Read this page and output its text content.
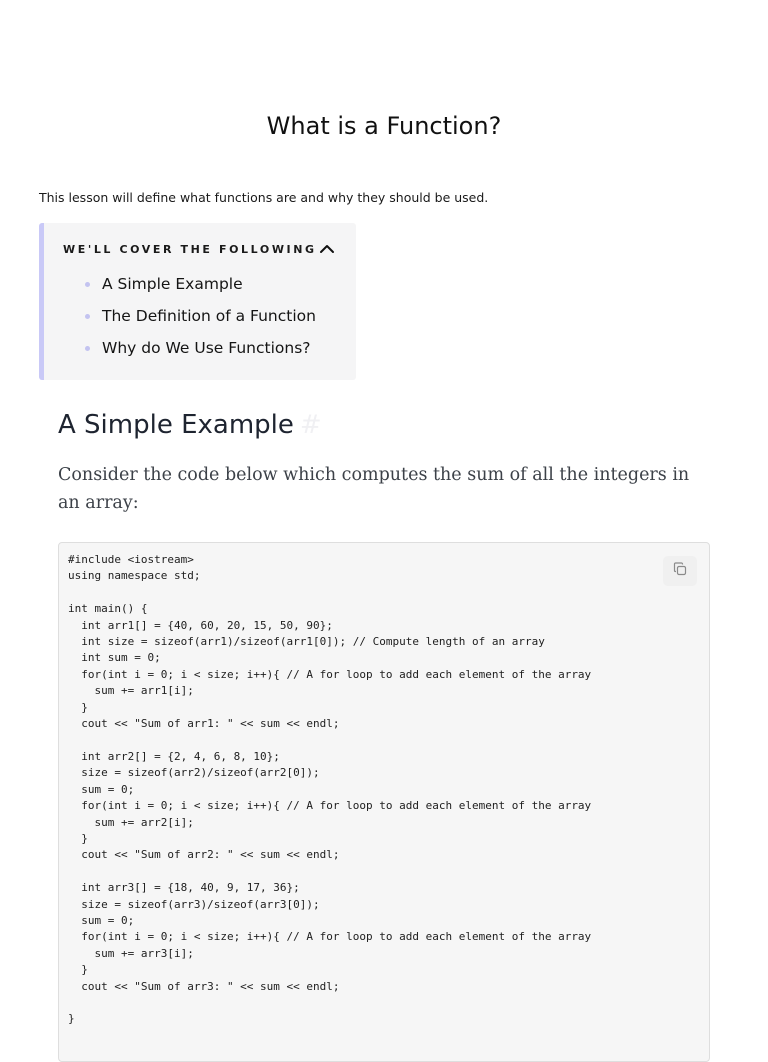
What is a Function?

This lesson will define what functions are and why they should be used.

WE'LL COVER THE FOLLOWING
A Simple Example
The Definition of a Function
Why do We Use Functions?
A Simple Example #

Consider the code below which computes the sum of all the integers in an array:

#include <iostream>
using namespace std;

int main() {
int arr1[] = {40, 60, 20, 15, 50, 90};
int size = sizeof(arr1)/sizeof(arr1[0]); // Compute length of an array
int sum = 0;
for(int i = 0; i < size; i++){ // A for loop to add each element of the array
sum += arr1[i];
}
cout << "Sum of arr1: " << sum << endl;

int arr2[] = {2, 4, 6, 8, 10};
size = sizeof(arr2)/sizeof(arr2[0]);
sum = 0;
for(int i = 0; i < size; i++){ // A for loop to add each element of the array
sum += arr2[i];
}
cout << "Sum of arr2: " << sum << endl;

int arr3[] = {18, 40, 9, 17, 36};
size = sizeof(arr3)/sizeof(arr3[0]);
sum = 0;
for(int i = 0; i < size; i++){ // A for loop to add each element of the array
sum += arr3[i];
}
cout << "Sum of arr3: " << sum << endl;

}
